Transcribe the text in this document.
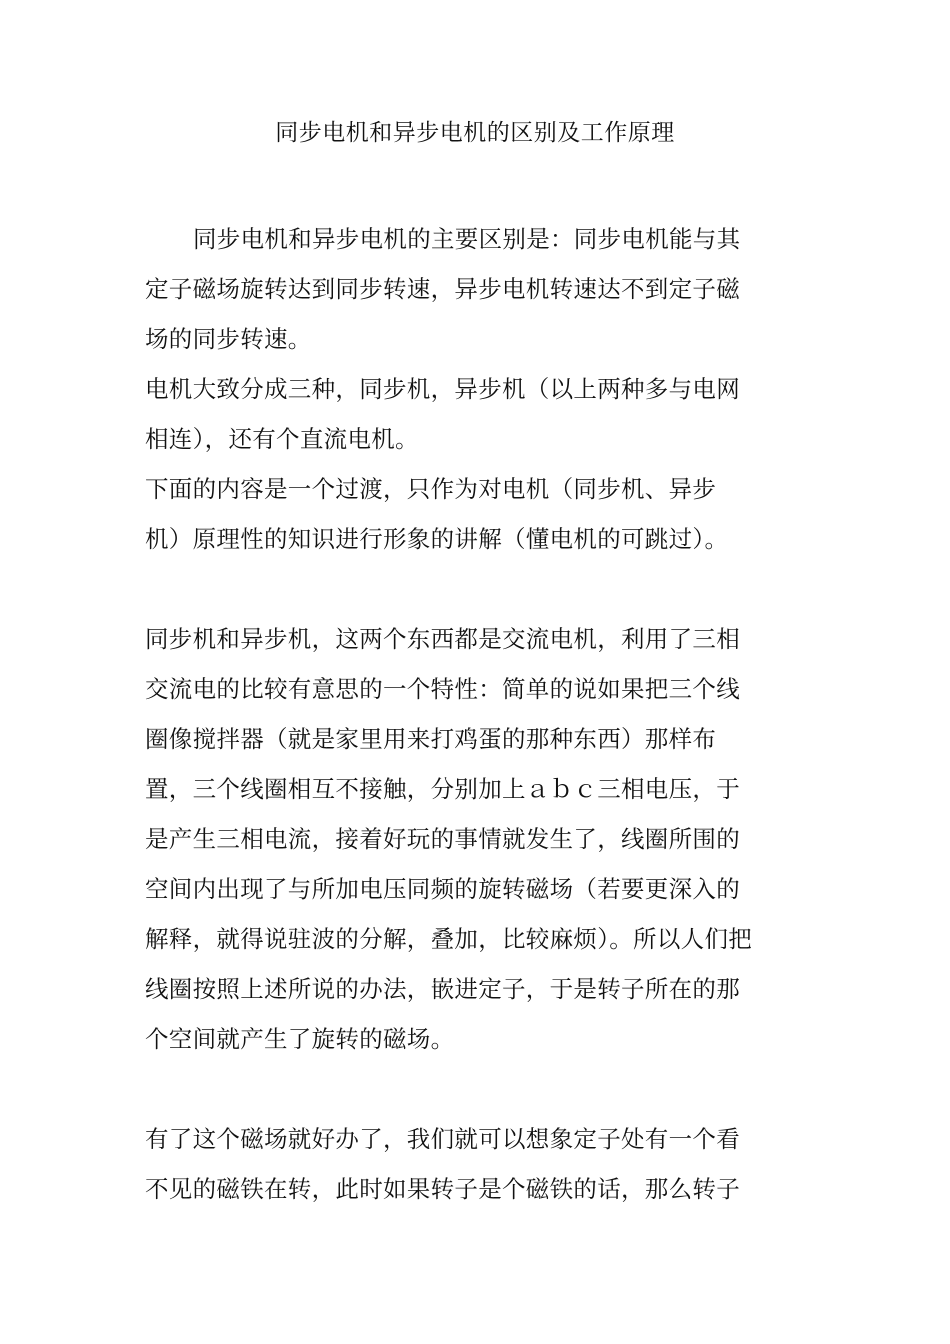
同步电机和异步电机的区别及工作原理
同步电机和异步电机的主要区别是：同步电机能与其
定子磁场旋转达到同步转速，异步电机转速达不到定子磁
场的同步转速。
电机大致分成三种，同步机，异步机（以上两种多与电网
相连），还有个直流电机。
下面的内容是一个过渡，只作为对电机（同步机、异步
机）原理性的知识进行形象的讲解（懂电机的可跳过）。
同步机和异步机，这两个东西都是交流电机，利用了三相
交流电的比较有意思的一个特性：简单的说如果把三个线
圈像搅拌器（就是家里用来打鸡蛋的那种东西）那样布
置，三个线圈相互不接触，分别加上ａｂｃ三相电压，于
是产生三相电流，接着好玩的事情就发生了，线圈所围的
空间内出现了与所加电压同频的旋转磁场（若要更深入的
解释，就得说驻波的分解，叠加，比较麻烦）。所以人们把
线圈按照上述所说的办法，嵌进定子，于是转子所在的那
个空间就产生了旋转的磁场。
有了这个磁场就好办了，我们就可以想象定子处有一个看
不见的磁铁在转，此时如果转子是个磁铁的话，那么转子
